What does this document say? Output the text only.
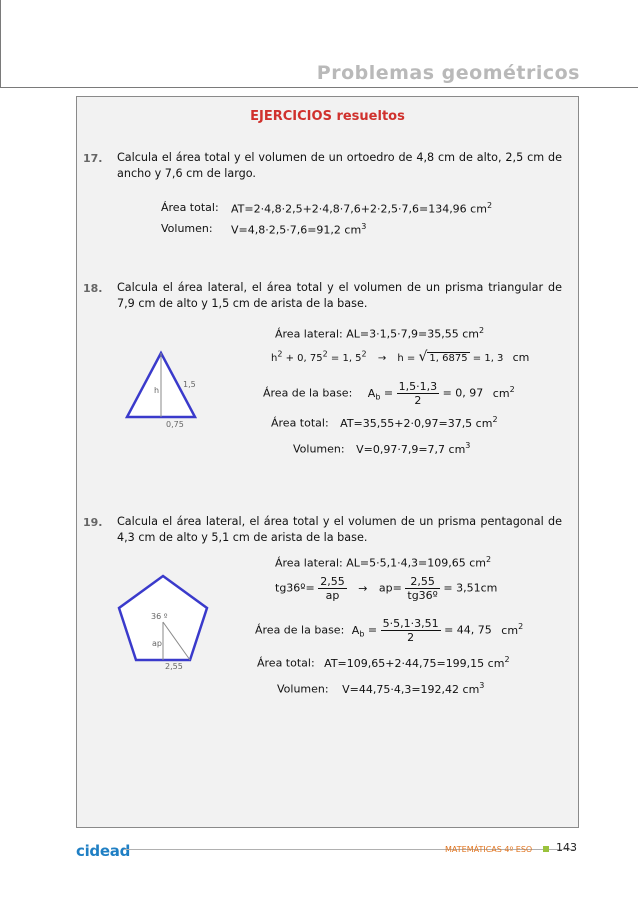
Problemas geométricos
EJERCICIOS resueltos
17. Calcula el área total y el volumen de un ortoedro de 4,8 cm de alto, 2,5 cm de ancho y 7,6 cm de largo.
Área total: AT=2·4,8·2,5+2·4,8·7,6+2·2,5·7,6=134,96 $cm^2$
Volumen: V=4,8·2,5·7,6=91,2 $cm^3$
18. Calcula el área lateral, el área total y el volumen de un prisma triangular de 7,9 cm de alto y 1,5 cm de arista de la base.
h
1,5
0,75
Área lateral: AL=3·1,5·7,9=35,55 $cm^2$
$h^2 + 0$, $75^2 = 1$, $5^2 \to h$ = √ 1, 6875 = 1, 3 cm
Área de la base: $A_b = \frac{1,5\cdot 1,3}{2} = 0$, 97 $cm^2$
Área total: AT=35,55+2·0,97=37,5 $cm^2$
Volumen: V=0,97·7,9=7,7 $cm^3$
19. Calcula el área lateral, el área total y el volumen de un prisma pentagonal de 4,3 cm de alto y 5,1 cm de arista de la base.
36 º
ap
2,55
Área lateral: AL=5·5,1·4,3=109,65 $cm^2$
tg36º= $\frac{2,55}{ap} \to ap= \frac{2,55}{\text{tg36º}} = 3,51cm$
Área de la base: $A_b = \frac{5\cdot 5,1\cdot 3,51}{2} = 44$, 75 $cm^2$
Área total: AT=109,65+2·44,75=199,15 $cm^2$
Volumen: V=44,75·4,3=192,42 $cm^3$
cidead	MATEMÁTICAS 4º ESO 143
